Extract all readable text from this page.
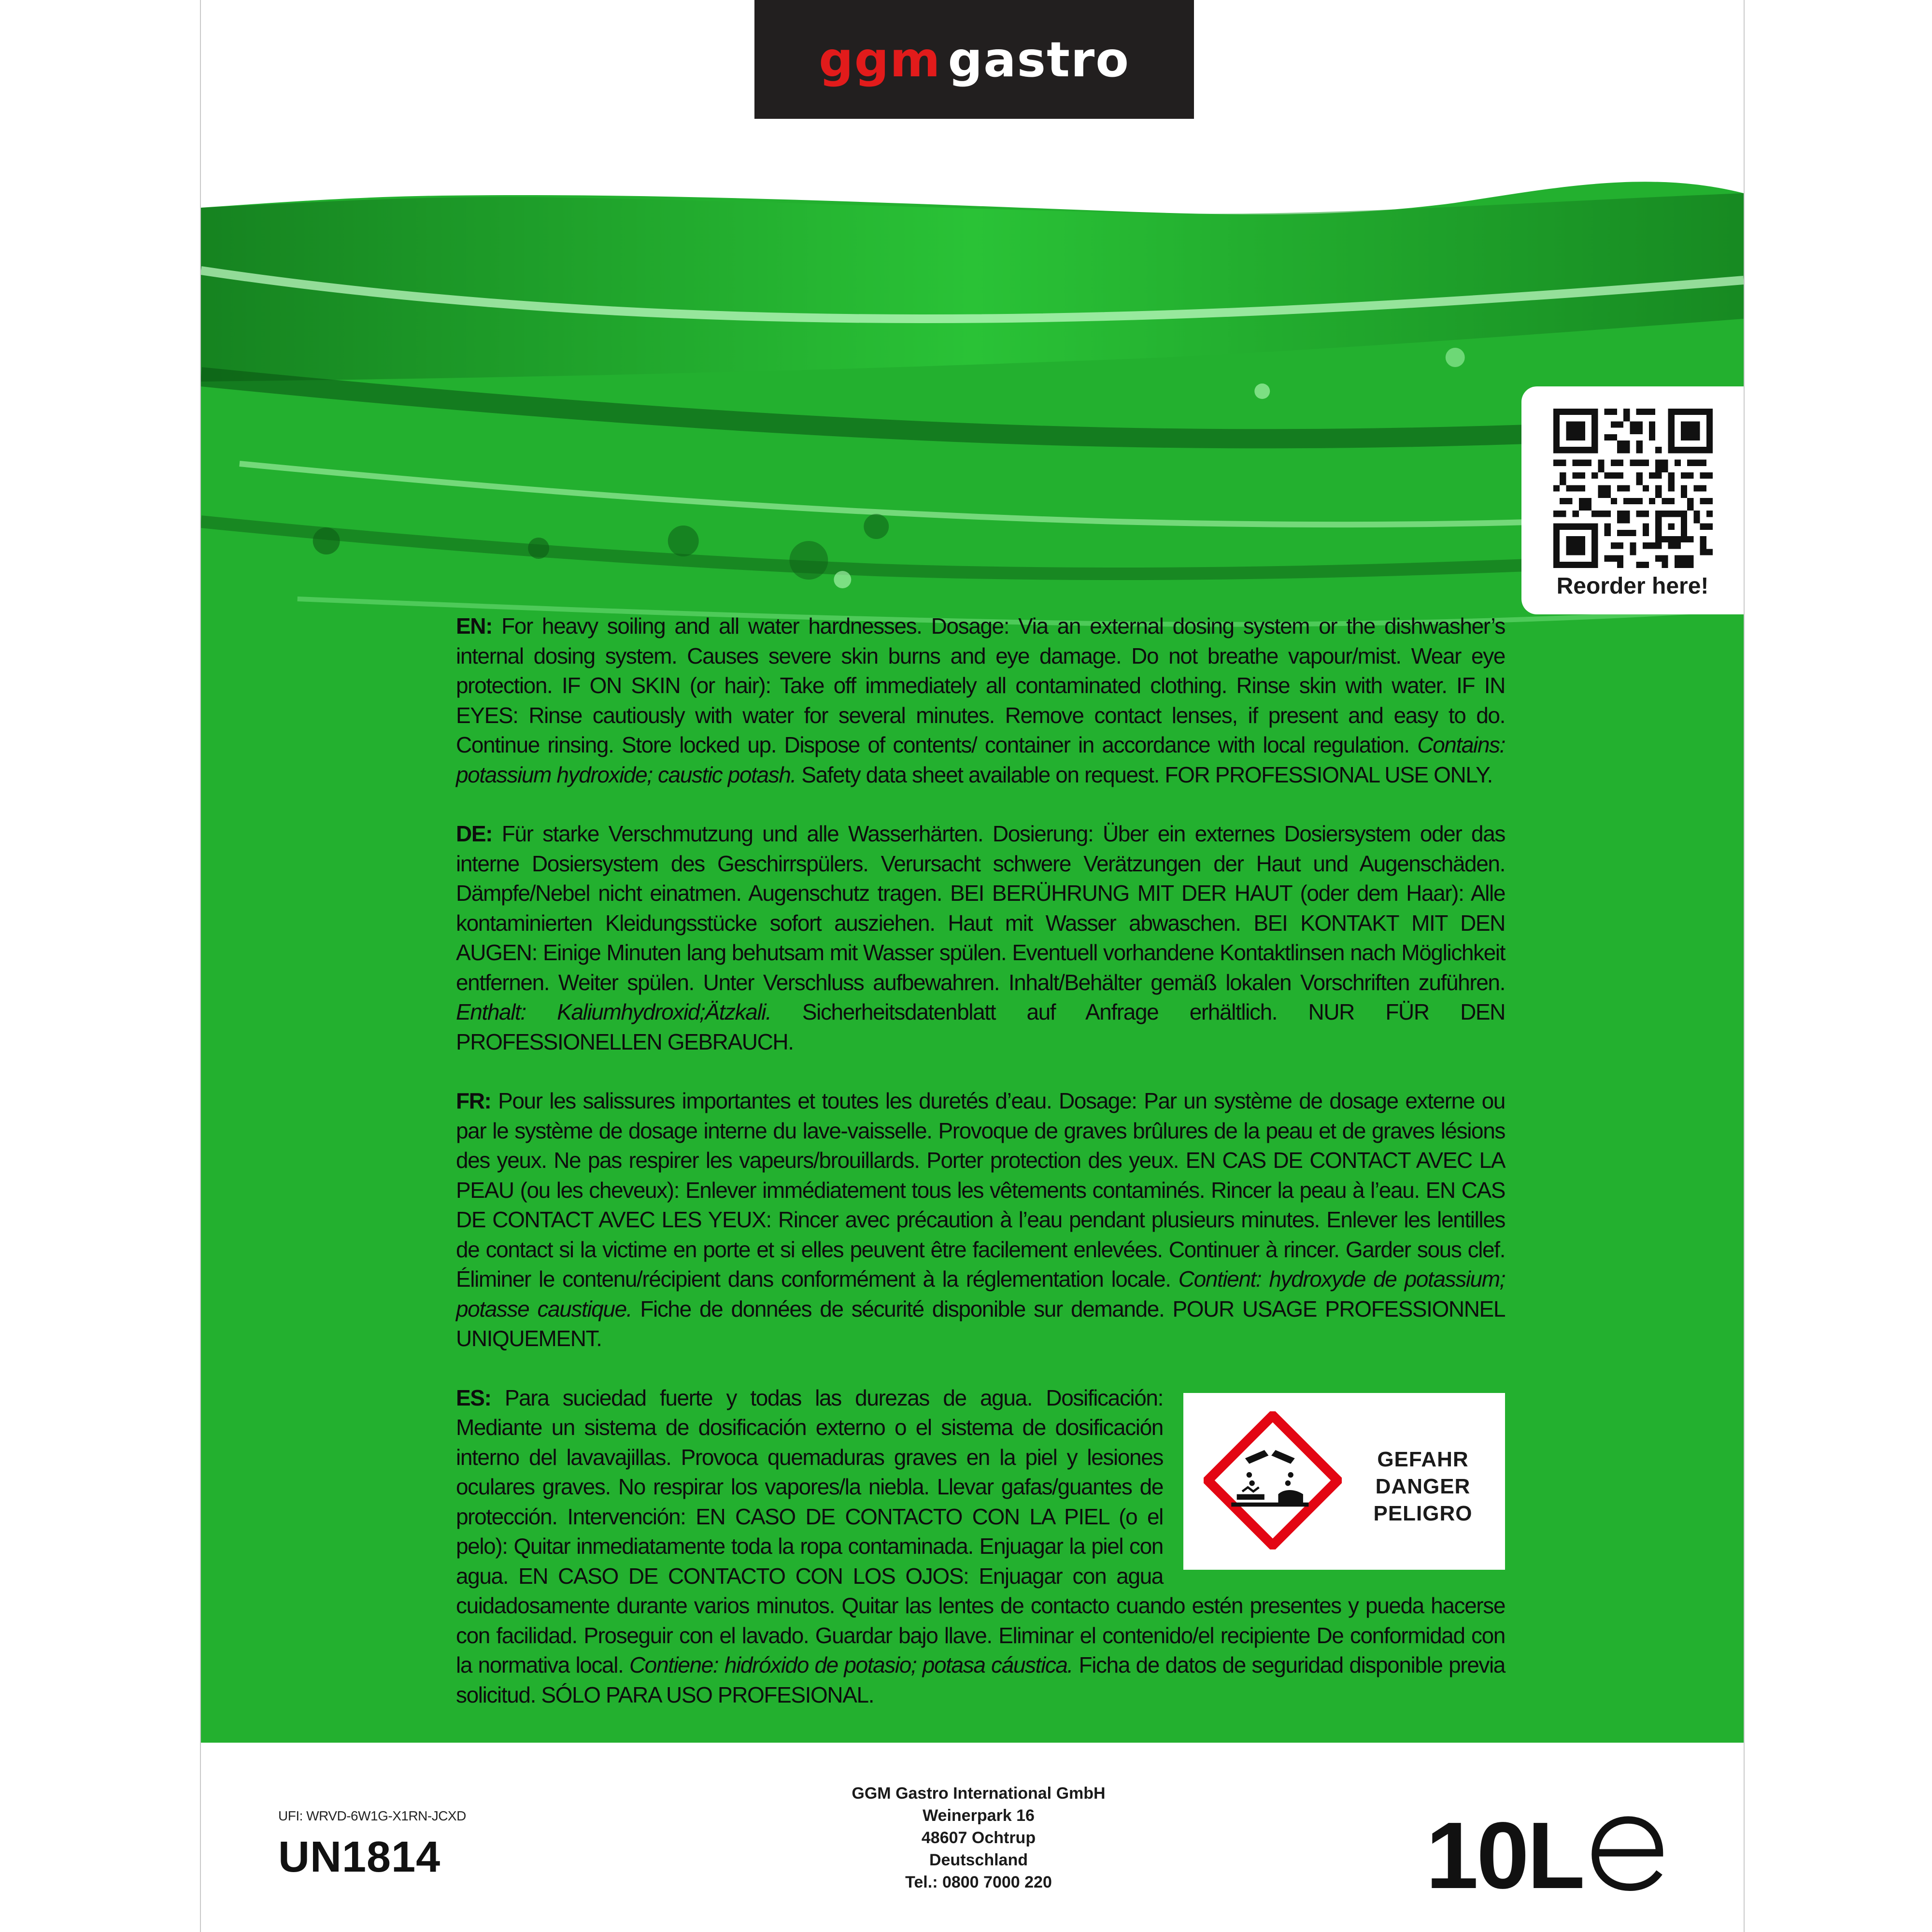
ggm gastro
Reorder here!

EN: For heavy soiling and all water hardnesses. Dosage: Via an external dosing system or the dishwasher’s internal dosing system. Causes severe skin burns and eye damage. Do not breathe vapour/mist. Wear eye protection. IF ON SKIN (or hair): Take off immediately all contaminated clothing. Rinse skin with water. IF IN EYES: Rinse cautiously with water for several minutes. Remove contact lenses, if present and easy to do. Continue rinsing. Store locked up. Dispose of contents/ container in accordance with local regulation. Contains: potassium hydroxide; caustic potash. Safety data sheet available on request. FOR PROFESSIONAL USE ONLY.

DE: Für starke Verschmutzung und alle Wasserhärten. Dosierung: Über ein externes Dosiersystem oder das interne Dosiersystem des Geschirrspülers. Verursacht schwere Verätzungen der Haut und Augenschäden. Dämpfe/Nebel nicht einatmen. Augenschutz tragen. BEI BERÜHRUNG MIT DER HAUT (oder dem Haar): Alle kontaminierten Kleidungsstücke sofort ausziehen. Haut mit Wasser abwaschen. BEI KONTAKT MIT DEN AUGEN: Einige Minuten lang behutsam mit Wasser spülen. Eventuell vorhandene Kontaktlinsen nach Möglichkeit entfernen. Weiter spülen. Unter Verschluss aufbewahren. Inhalt/Behälter gemäß lokalen Vorschriften zuführen. Enthalt: Kaliumhydroxid;Ätzkali. Sicherheitsdatenblatt auf Anfrage erhältlich. NUR FÜR DEN PROFESSIONELLEN GEBRAUCH.

FR: Pour les salissures importantes et toutes les duretés d’eau. Dosage: Par un système de dosage externe ou par le système de dosage interne du lave-vaisselle. Provoque de graves brûlures de la peau et de graves lésions des yeux. Ne pas respirer les vapeurs/brouillards. Porter protection des yeux. EN CAS DE CONTACT AVEC LA PEAU (ou les cheveux): Enlever immédiatement tous les vêtements contaminés. Rincer la peau à l’eau. EN CAS DE CONTACT AVEC LES YEUX: Rincer avec précaution à l’eau pendant plusieurs minutes. Enlever les lentilles de contact si la victime en porte et si elles peuvent être facilement enlevées. Continuer à rincer. Garder sous clef. Éliminer le contenu/récipient dans conformément à la réglementation locale. Contient: hydroxyde de potassium; potasse caustique. Fiche de données de sécurité disponible sur demande. POUR USAGE PROFESSIONNEL UNIQUEMENT.

GEFAHR
DANGER
PELIGRO

ES: Para suciedad fuerte y todas las durezas de agua. Dosificación: Mediante un sistema de dosificación externo o el sistema de dosificación interno del lavavajillas. Provoca quemaduras graves en la piel y lesiones oculares graves. No respirar los vapores/la niebla. Llevar gafas/guantes de protección. Intervención: EN CASO DE CONTACTO CON LA PIEL (o el pelo): Quitar inmediatamente toda la ropa contaminada. Enjuagar la piel con agua. EN CASO DE CONTACTO CON LOS OJOS: Enjuagar con agua cuidadosamente durante varios minutos. Quitar las lentes de contacto cuando estén presentes y pueda hacerse con facilidad. Proseguir con el lavado. Guardar bajo llave. Eliminar el contenido/el recipiente De conformidad con la normativa local. Contiene: hidróxido de potasio; potasa cáustica. Ficha de datos de seguridad disponible previa solicitud. SÓLO PARA USO PROFESIONAL.

UFI: WRVD-6W1G-X1RN-JCXD
UN1814
GGM Gastro International GmbH
Weinerpark 16
48607 Ochtrup
Deutschland
Tel.: 0800 7000 220	10L
